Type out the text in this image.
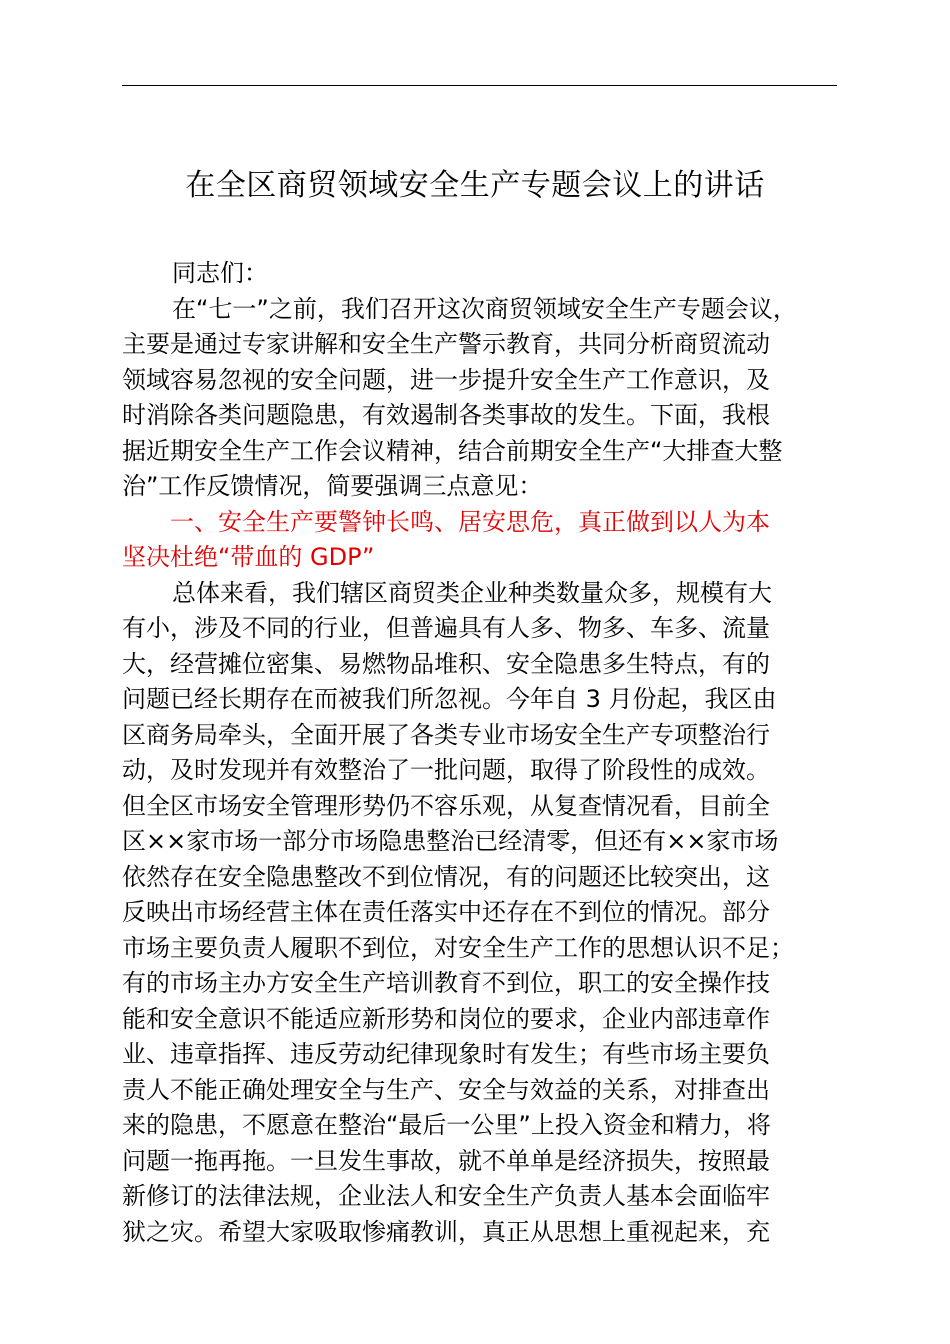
在全区商贸领域安全生产专题会议上的讲话
同志们：
在“七一”之前，我们召开这次商贸领域安全生产专题会议，
主要是通过专家讲解和安全生产警示教育，共同分析商贸流动
领域容易忽视的安全问题，进一步提升安全生产工作意识，及
时消除各类问题隐患，有效遏制各类事故的发生。下面，我根
据近期安全生产工作会议精神，结合前期安全生产“大排查大整
治”工作反馈情况，简要强调三点意见：
一、安全生产要警钟长鸣、居安思危，真正做到以人为本
坚决杜绝“带血的 GDP”
总体来看，我们辖区商贸类企业种类数量众多，规模有大
有小，涉及不同的行业，但普遍具有人多、物多、车多、流量
大，经营摊位密集、易燃物品堆积、安全隐患多生特点，有的
问题已经长期存在而被我们所忽视。今年自 3 月份起，我区由
区商务局牵头，全面开展了各类专业市场安全生产专项整治行
动，及时发现并有效整治了一批问题，取得了阶段性的成效。
但全区市场安全管理形势仍不容乐观，从复查情况看，目前全
区××家市场一部分市场隐患整治已经清零，但还有××家市场
依然存在安全隐患整改不到位情况，有的问题还比较突出，这
反映出市场经营主体在责任落实中还存在不到位的情况。部分
市场主要负责人履职不到位，对安全生产工作的思想认识不足；
有的市场主办方安全生产培训教育不到位，职工的安全操作技
能和安全意识不能适应新形势和岗位的要求，企业内部违章作
业、违章指挥、违反劳动纪律现象时有发生；有些市场主要负
责人不能正确处理安全与生产、安全与效益的关系，对排查出
来的隐患，不愿意在整治“最后一公里”上投入资金和精力，将
问题一拖再拖。一旦发生事故，就不单单是经济损失，按照最
新修订的法律法规，企业法人和安全生产负责人基本会面临牢
狱之灾。希望大家吸取惨痛教训，真正从思想上重视起来，充
